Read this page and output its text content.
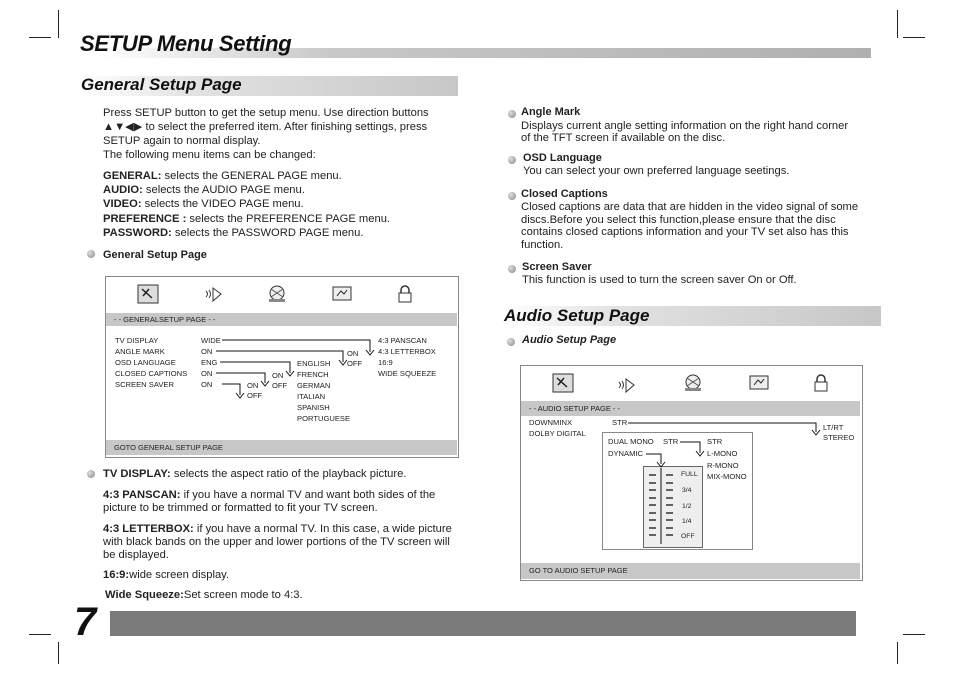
SETUP Menu Setting
General Setup Page
Press SETUP button to get the setup menu. Use direction buttons
▲▼◀▶ to select the preferred item. After finishing settings, press
SETUP again to normal display.
The following menu items can be changed:
GENERAL: selects the GENERAL PAGE menu.
AUDIO: selects the AUDIO PAGE menu.
VIDEO: selects the VIDEO PAGE menu.
PREFERENCE : selects the PREFERENCE PAGE menu.
PASSWORD: selects the PASSWORD PAGE menu.
General Setup Page
- - GENERALSETUP PAGE - -
TV DISPLAY
ANGLE MARK
OSD LANGUAGE
CLOSED CAPTIONS
SCREEN SAVER
WIDE
ON
ENG
ON
ON
ON
OFF
ON
OFF
ON
OFF
ENGLISH
FRENCH
GERMAN
ITALIAN
SPANISH
PORTUGUESE
4:3 PANSCAN
4:3 LETTERBOX
16:9
WIDE SQUEEZE
GOTO GENERAL SETUP PAGE
TV DISPLAY: selects the aspect ratio of the playback picture.
4:3 PANSCAN: if you have a normal TV and want both sides of the
picture to be trimmed or formatted to fit your TV screen.
4:3 LETTERBOX: if you have a normal TV. In this case, a wide picture
with black bands on the upper and lower portions of the TV screen will
be displayed.
16:9:wide screen display.
Wide Squeeze:Set screen mode to 4:3.
Angle Mark
Displays current angle setting information on the right hand corner
of the TFT screen if available on the disc.
OSD Language
You can select your own preferred language seetings.
Closed Captions
Closed captions are data that are hidden in the video signal of some
discs.Before you select this function,please ensure that the disc
contains closed captions information and your TV set also has this
function.
Screen Saver
This function is used to turn the screen saver On or Off.
Audio Setup Page
Audio Setup Page
- - AUDIO SETUP PAGE - -
DOWNMINX
DOLBY DIGITAL
STR
LT/RT
STEREO
DUAL MONO
DYNAMIC
STR	STR
L-MONO
R-MONO
MIX-MONO
FULL
3/4
1/2
1/4
OFF
GO TO AUDIO SETUP PAGE
7
